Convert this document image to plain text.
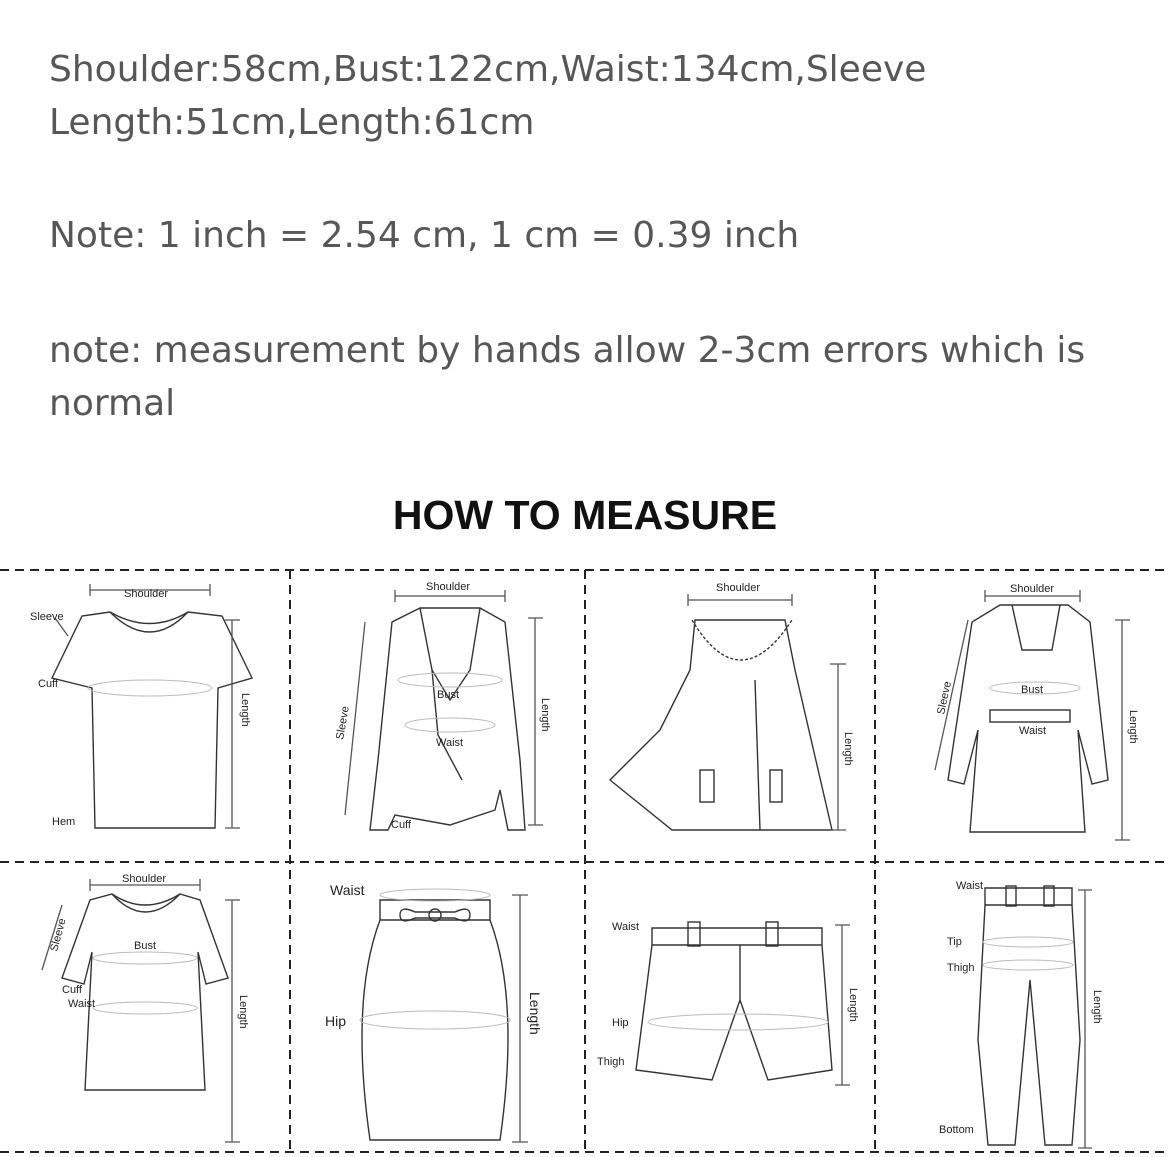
Shoulder:58cm,Bust:122cm,Waist:134cm,Sleeve Length:51cm,Length:61cm
Note: 1 inch = 2.54 cm, 1 cm = 0.39 inch
note: measurement by hands allow 2-3cm errors which is normal
HOW TO MEASURE
Shoulder
Sleeve
Cuff
Hem
Length
Shoulder
Bust
Waist
Cuff
Sleeve	Length
Shoulder
Length
Shoulder
Bust
Waist
Sleeve
Length
Shoulder
Bust
Cuff
Waist
Sleeve
Length
Waist
Hip	Length
Waist
Hip
Thigh
Length
Waist
Tip
Thigh
Bottom
Length
